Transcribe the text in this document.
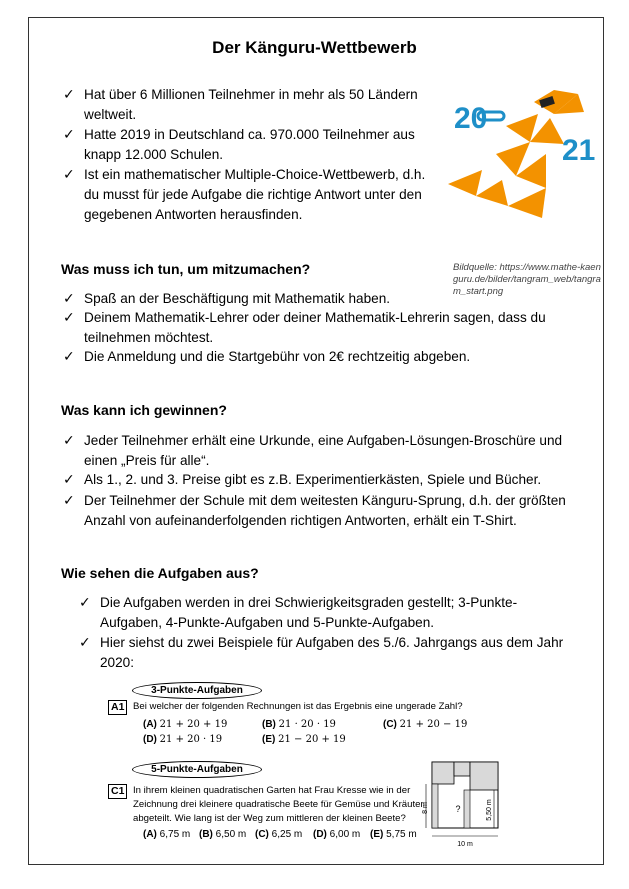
Der Känguru-Wettbewerb
✓ Hat über 6 Millionen Teilnehmer in mehr als 50 Ländern
weltweit.
✓ Hatte 2019 in Deutschland ca. 970.000 Teilnehmer aus
knapp 12.000 Schulen.
✓ Ist ein mathematischer Multiple-Choice-Wettbewerb, d.h.
du musst für jede Aufgabe die richtige Antwort unter den
gegebenen Antworten herausfinden.
20
21
Bildquelle: https://www.mathe-kaenguru.de/bilder/tangram_web/tangram_start.png
Was muss ich tun, um mitzumachen?
✓ Spaß an der Beschäftigung mit Mathematik haben.
✓ Deinem Mathematik-Lehrer oder deiner Mathematik-Lehrerin sagen, dass du
teilnehmen möchtest.
✓ Die Anmeldung und die Startgebühr von 2€ rechtzeitig abgeben.
Was kann ich gewinnen?
✓ Jeder Teilnehmer erhält eine Urkunde, eine Aufgaben-Lösungen-Broschüre und
einen „Preis für alle“.
✓ Als 1., 2. und 3. Preise gibt es z.B. Experimentierkästen, Spiele und Bücher.
✓ Der Teilnehmer der Schule mit dem weitesten Känguru-Sprung, d.h. der größten
Anzahl von aufeinanderfolgenden richtigen Antworten, erhält ein T-Shirt.
Wie sehen die Aufgaben aus?
✓ Die Aufgaben werden in drei Schwierigkeitsgraden gestellt; 3-Punkte-
Aufgaben, 4-Punkte-Aufgaben und 5-Punkte-Aufgaben.
✓ Hier siehst du zwei Beispiele für Aufgaben des 5./6. Jahrgangs aus dem Jahr
2020:
3-Punkte-Aufgaben
A1 Bei welcher der folgenden Rechnungen ist das Ergebnis eine ungerade Zahl?
(A) 21 + 20 + 19	(B) 21 · 20 · 19	(C) 21 + 20 − 19
(D) 21 + 20 · 19	(E) 21 − 20 + 19
5-Punkte-Aufgaben
C1 In ihrem kleinen quadratischen Garten hat Frau Kresse wie in der
Zeichnung drei kleinere quadratische Beete für Gemüse und Kräuter
abgeteilt. Wie lang ist der Weg zum mittleren der kleinen Beete?
(A) 6,75 m (B) 6,50 m (C) 6,25 m (D) 6,00 m (E) 5,75 m
8 m	5,50 m
?
10 m
